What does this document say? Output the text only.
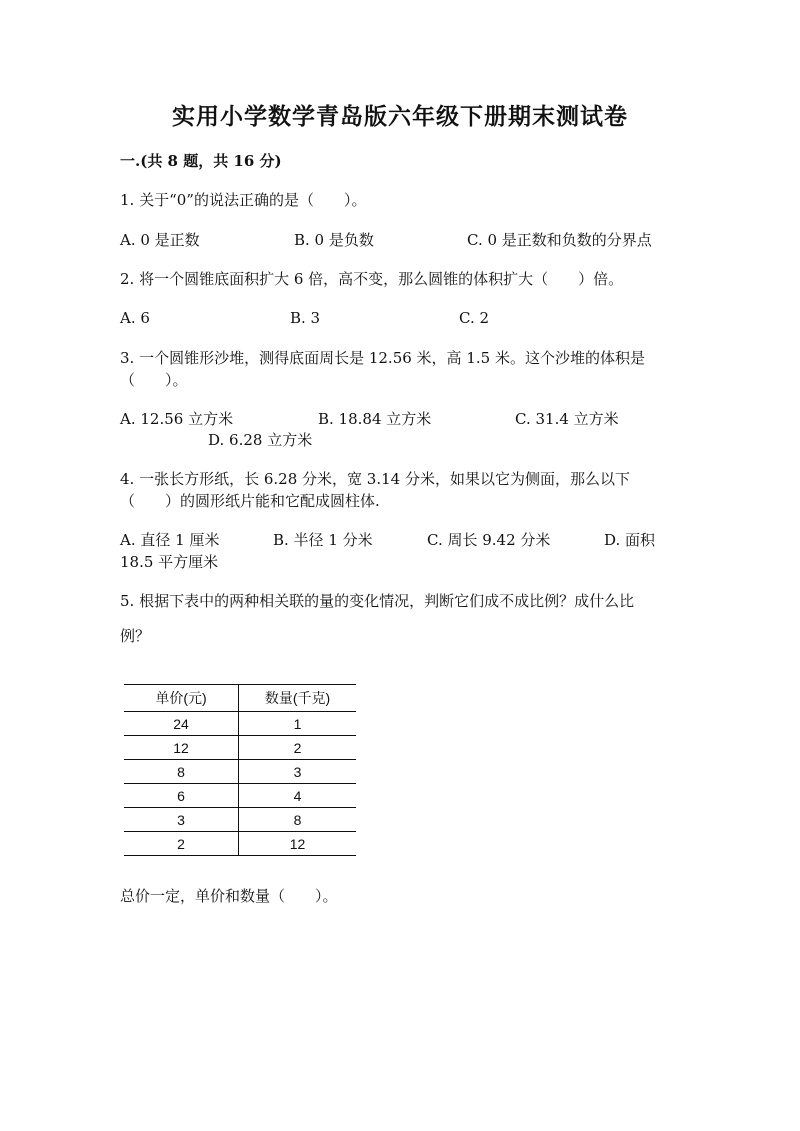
实用小学数学青岛版六年级下册期末测试卷
一.(共 8 题，共 16 分)
1. 关于“0”的说法正确的是（　　）。
A. 0 是正数	B. 0 是负数	C. 0 是正数和负数的分界点
2. 将一个圆锥底面积扩大 6 倍，高不变，那么圆锥的体积扩大（　　）倍。
A. 6	B. 3	C. 2
3. 一个圆锥形沙堆，测得底面周长是 12.56 米，高 1.5 米。这个沙堆的体积是
（　　）。
A. 12.56 立方米	B. 18.84 立方米	C. 31.4 立方米
D. 6.28 立方米
4. 一张长方形纸，长 6.28 分米，宽 3.14 分米，如果以它为侧面，那么以下
（　　）的圆形纸片能和它配成圆柱体.
A. 直径 1 厘米	B. 半径 1 分米	C. 周长 9.42 分米	D. 面积
18.5 平方厘米
5. 根据下表中的两种相关联的量的变化情况，判断它们成不成比例？成什么比
例？
单价(元)	数量(千克)
24	1
12	2
8	3
6	4
3	8
2	12
总价一定，单价和数量（　　）。
